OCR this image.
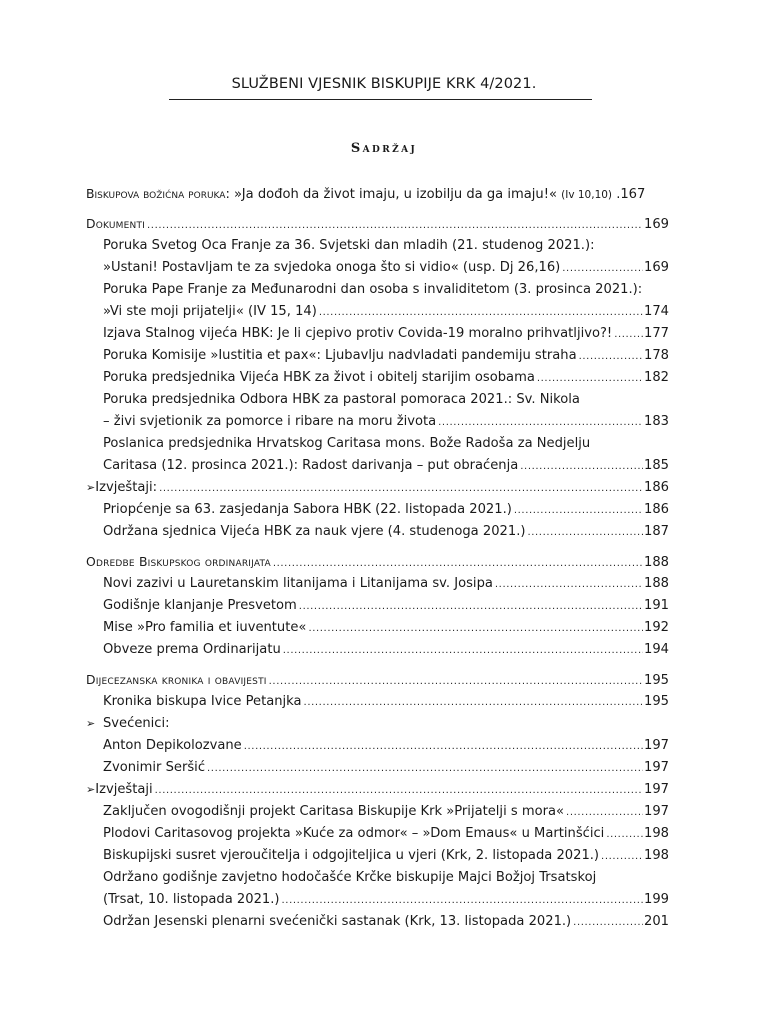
SLUŽBENI VJESNIK BISKUPIJE KRK 4/2021.
Sadržaj
Biskupova božićna poruka: »Ja dođoh da život imaju, u izobilju da ga imaju!« (Iv 10,10) .167
Dokumenti .....	169
Poruka Svetog Oca Franje za 36. Svjetski dan mladih (21. studenog 2021.):
»Ustani! Postavljam te za svjedoka onoga što si vidio« (usp. Dj 26,16) .....	169
Poruka Pape Franje za Međunarodni dan osoba s invaliditetom (3. prosinca 2021.):
»Vi ste moji prijatelji« (IV 15, 14) .....	174
Izjava Stalnog vijeća HBK: Je li cjepivo protiv Covida-19 moralno prihvatljivo?! ..... 177
Poruka Komisije »Iustitia et pax«: Ljubavlju nadvladati pandemiju straha .....	178
Poruka predsjednika Vijeća HBK za život i obitelj starijim osobama .....	182
Poruka predsjednika Odbora HBK za pastoral pomoraca 2021.: Sv. Nikola
– živi svjetionik za pomorce i ribare na moru života .....	183
Poslanica predsjednika Hrvatskog Caritasa mons. Bože Radoša za Nedjelju
Caritasa (12. prosinca 2021.): Radost darivanja – put obraćenja .....	185
➢ Izvještaji: .....	186
Priopćenje sa 63. zasjedanja Sabora HBK (22. listopada 2021.) .....	186
Održana sjednica Vijeća HBK za nauk vjere (4. studenoga 2021.) .....	187
Odredbe Biskupskog ordinarijata .....	188
Novi zazivi u Lauretanskim litanijama i Litanijama sv. Josipa .....	188
Godišnje klanjanje Presvetom .....	191
Mise »Pro familia et iuventute« .....	192
Obveze prema Ordinarijatu .....	194
Dijecezanska kronika i obavijesti .....	195
Kronika biskupa Ivice Petanjka .....	195
➢ Svećenici:
Anton Depikolozvane .....	197
Zvonimir Seršić .....	197
➢ Izvještaji .....	197
Zaključen ovogodišnji projekt Caritasa Biskupije Krk »Prijatelji s mora« .....	197
Plodovi Caritasovog projekta »Kuće za odmor« – »Dom Emaus« u Martinšćici .....	198
Biskupijski susret vjeroučitelja i odgojiteljica u vjeri (Krk, 2. listopada 2021.) .....	198
Održano godišnje zavjetno hodočašće Krčke biskupije Majci Božjoj Trsatskoj
(Trsat, 10. listopada 2021.) .....	199
Održan Jesenski plenarni svećenički sastanak (Krk, 13. listopada 2021.) .....	201
